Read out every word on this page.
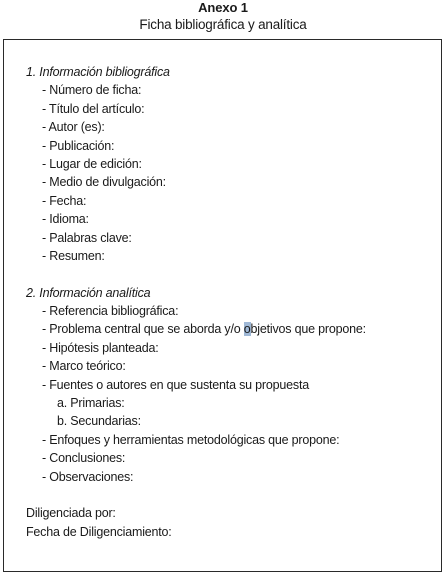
Anexo 1
Ficha bibliográfica y analítica
1. Información bibliográfica
- Número de ficha:
- Título del artículo:
- Autor (es):
- Publicación:
- Lugar de edición:
- Medio de divulgación:
- Fecha:
- Idioma:
- Palabras clave:
- Resumen:
2. Información analítica
- Referencia bibliográfica:
- Problema central que se aborda y/o objetivos que propone:
- Hipótesis planteada:
- Marco teórico:
- Fuentes o autores en que sustenta su propuesta
a. Primarias:
b. Secundarias:
- Enfoques y herramientas metodológicas que propone:
- Conclusiones:
- Observaciones:
Diligenciada por:
Fecha de Diligenciamiento:
